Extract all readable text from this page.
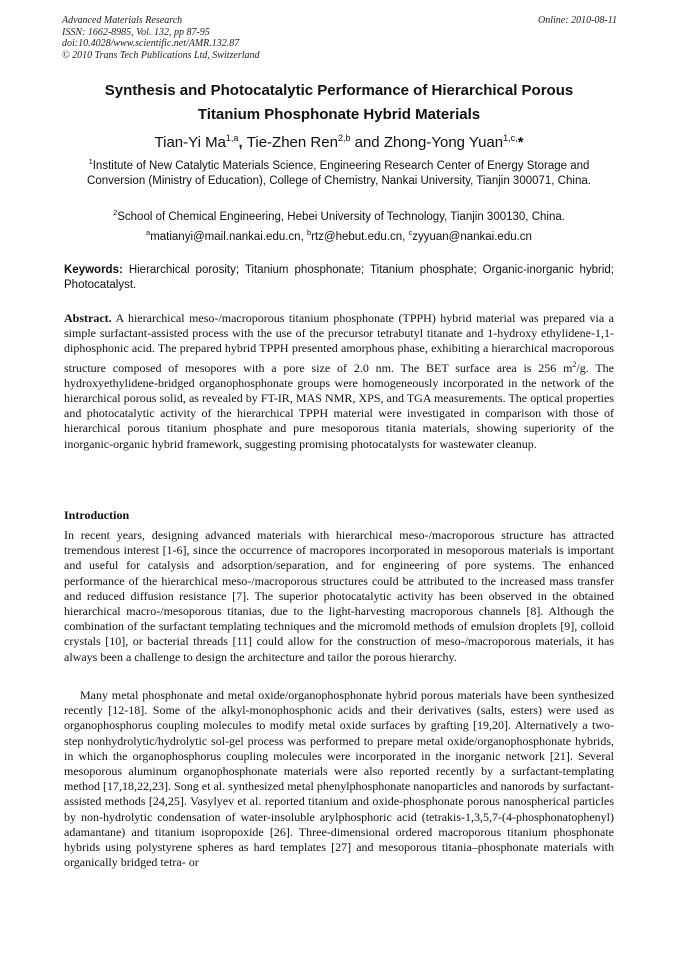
Advanced Materials Research
ISSN: 1662-8985, Vol. 132, pp 87-95
doi:10.4028/www.scientific.net/AMR.132.87
© 2010 Trans Tech Publications Ltd, Switzerland
Online: 2010-08-11
Synthesis and Photocatalytic Performance of Hierarchical Porous
Titanium Phosphonate Hybrid Materials
Tian-Yi Ma$^{1,a}$, Tie-Zhen Ren$^{2,b}$ and Zhong-Yong Yuan$^{1,c,}$*
$^1$Institute of New Catalytic Materials Science, Engineering Research Center of Energy Storage and Conversion (Ministry of Education), College of Chemistry, Nankai University, Tianjin 300071, China.
$^2$School of Chemical Engineering, Hebei University of Technology, Tianjin 300130, China.
$^a$matianyi@mail.nankai.edu.cn, $^b$rtz@hebut.edu.cn, $^c$zyyuan@nankai.edu.cn
Keywords: Hierarchical porosity; Titanium phosphonate; Titanium phosphate; Organic-inorganic hybrid; Photocatalyst.
Abstract. A hierarchical meso-/macroporous titanium phosphonate (TPPH) hybrid material was prepared via a simple surfactant-assisted process with the use of the precursor tetrabutyl titanate and 1-hydroxy ethylidene-1,1-diphosphonic acid. The prepared hybrid TPPH presented amorphous phase, exhibiting a hierarchical macroporous structure composed of mesopores with a pore size of 2.0 nm. The BET surface area is 256 $m^2/g$. The hydroxyethylidene-bridged organophosphonate groups were homogeneously incorporated in the network of the hierarchical porous solid, as revealed by FT-IR, MAS NMR, XPS, and TGA measurements. The optical properties and photocatalytic activity of the hierarchical TPPH material were investigated in comparison with those of hierarchical porous titanium phosphate and pure mesoporous titania materials, showing superiority of the inorganic-organic hybrid framework, suggesting promising photocatalysts for wastewater cleanup.
Introduction
In recent years, designing advanced materials with hierarchical meso-/macroporous structure has attracted tremendous interest [1-6], since the occurrence of macropores incorporated in mesoporous materials is important and useful for catalysis and adsorption/separation, and for engineering of pore systems. The enhanced performance of the hierarchical meso-/macroporous structures could be attributed to the increased mass transfer and reduced diffusion resistance [7]. The superior photocatalytic activity has been observed in the obtained hierarchical macro-/mesoporous titanias, due to the light-harvesting macroporous channels [8]. Although the combination of the surfactant templating techniques and the micromold methods of emulsion droplets [9], colloid crystals [10], or bacterial threads [11] could allow for the construction of meso-/macroporous materials, it has always been a challenge to design the architecture and tailor the porous hierarchy.
Many metal phosphonate and metal oxide/organophosphonate hybrid porous materials have been synthesized recently [12-18]. Some of the alkyl-monophosphonic acids and their derivatives (salts, esters) were used as organophosphorus coupling molecules to modify metal oxide surfaces by grafting [19,20]. Alternatively a two-step nonhydrolytic/hydrolytic sol-gel process was performed to prepare metal oxide/organophosphonate hybrids, in which the organophosphorus coupling molecules were incorporated in the inorganic network [21]. Several mesoporous aluminum organophosphonate materials were also reported recently by a surfactant-templating method [17,18,22,23]. Song et al. synthesized metal phenylphosphonate nanoparticles and nanorods by surfactant-assisted methods [24,25]. Vasylyev et al. reported titanium and oxide-phosphonate porous nanospherical particles by non-hydrolytic condensation of water-insoluble arylphosphoric acid (tetrakis-1,3,5,7-(4-phosphonatophenyl) adamantane) and titanium isopropoxide [26]. Three-dimensional ordered macroporous titanium phosphonate hybrids using polystyrene spheres as hard templates [27] and mesoporous titania–phosphonate materials with organically bridged tetra- or
